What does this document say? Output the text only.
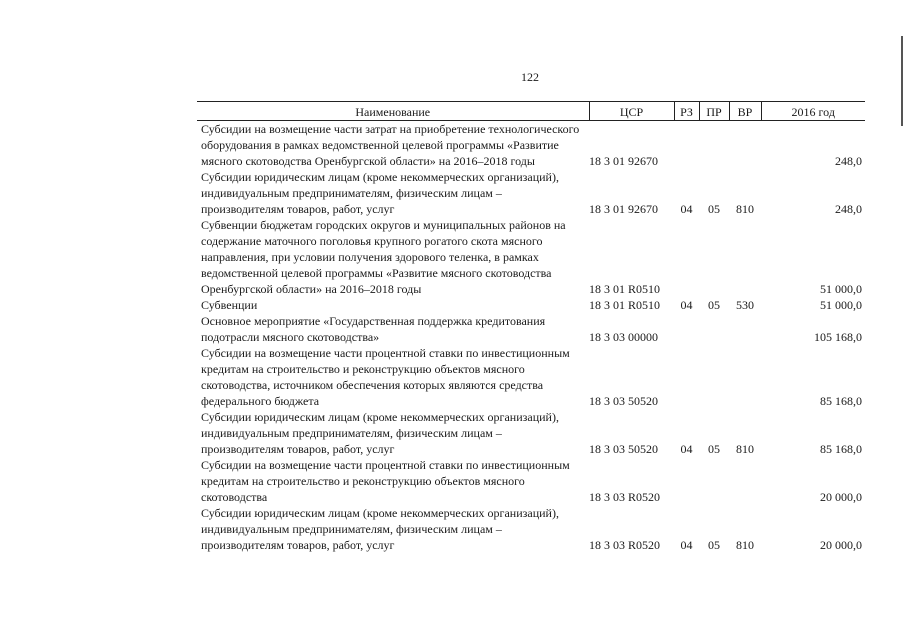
122
Наименование	ЦСР	РЗ	ПР	ВР	2016 год
Субсидии на возмещение части затрат на приобретение технологического оборудования в рамках ведомственной целевой программы «Развитие мясного скотоводства Оренбургской области» на 2016–2018 годы	18 3 01 92670				248,0
Субсидии юридическим лицам (кроме некоммерческих организаций), индивидуальным предпринимателям, физическим лицам – производителям товаров, работ, услуг	18 3 01 92670	04	05	810	248,0
Субвенции бюджетам городских округов и муниципальных районов на содержание маточного поголовья крупного рогатого скота мясного направления, при условии получения здорового теленка, в рамках ведомственной целевой программы «Развитие мясного скотоводства Оренбургской области» на 2016–2018 годы	18 3 01 R0510				51 000,0
Субвенции	18 3 01 R0510	04	05	530	51 000,0
Основное мероприятие «Государственная поддержка кредитования подотрасли мясного скотоводства»	18 3 03 00000				105 168,0
Субсидии на возмещение части процентной ставки по инвестиционным кредитам на строительство и реконструкцию объектов мясного скотоводства, источником обеспечения которых являются средства федерального бюджета	18 3 03 50520				85 168,0
Субсидии юридическим лицам (кроме некоммерческих организаций), индивидуальным предпринимателям, физическим лицам – производителям товаров, работ, услуг	18 3 03 50520	04	05	810	85 168,0
Субсидии на возмещение части процентной ставки по инвестиционным кредитам на строительство и реконструкцию объектов мясного скотоводства	18 3 03 R0520				20 000,0
Субсидии юридическим лицам (кроме некоммерческих организаций), индивидуальным предпринимателям, физическим лицам – производителям товаров, работ, услуг	18 3 03 R0520	04	05	810	20 000,0
